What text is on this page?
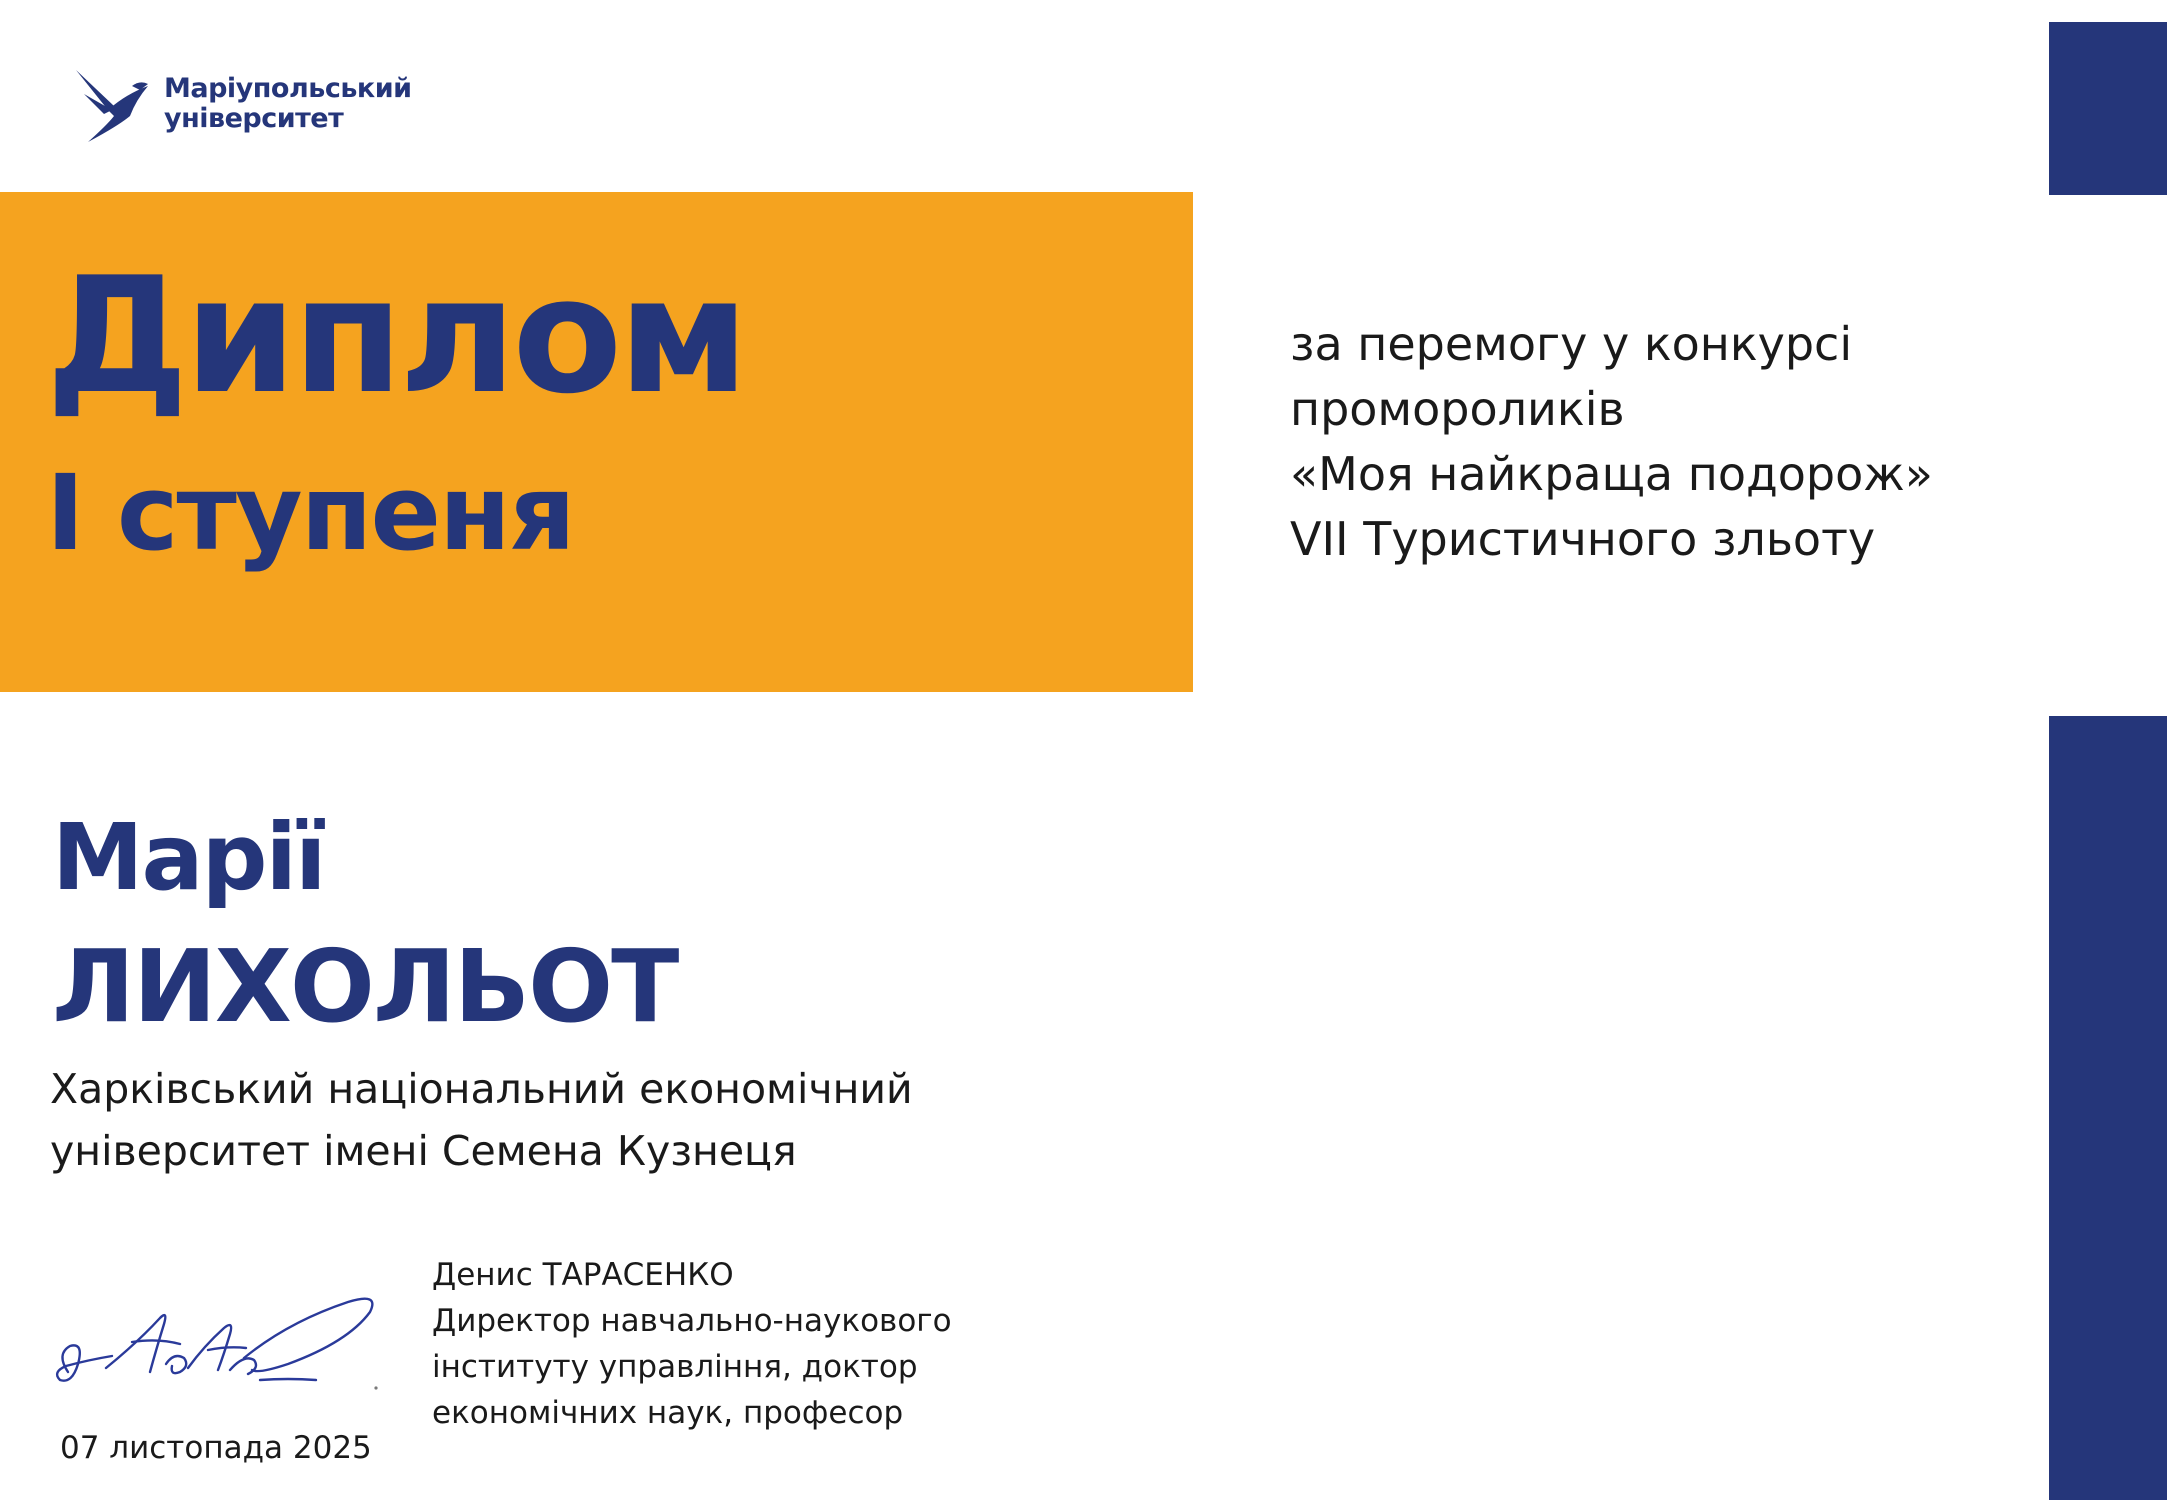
Маріупольський
університет
Диплом
I ступеня
за перемогу у конкурсі
промороликів
«Моя найкраща подорож»
VII Туристичного зльоту
Марії
ЛИХОЛЬОТ
Харківський національний економічний
університет імені Семена Кузнеця
07 листопада 2025
Денис ТАРАСЕНКО
Директор навчально-наукового
інституту управління, доктор
економічних наук, професор
